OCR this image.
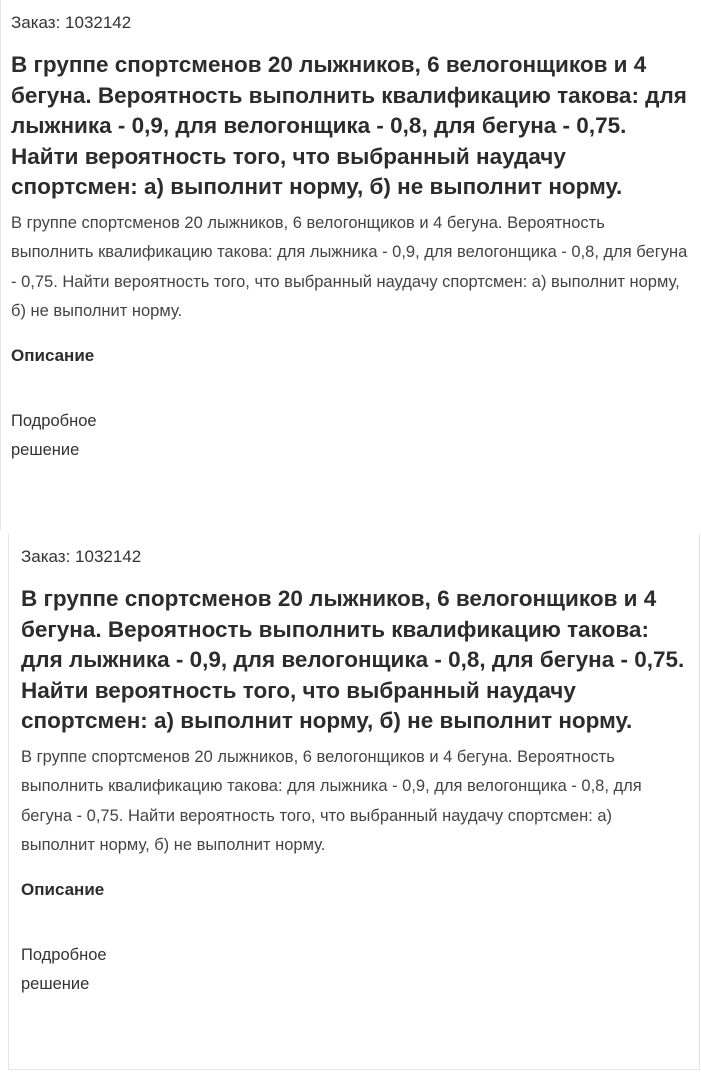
Заказ: 1032142
В группе спортсменов 20 лыжников, 6 велогонщиков и 4 бегуна. Вероятность выполнить квалификацию такова: для лыжника - 0,9, для велогонщика - 0,8, для бегуна - 0,75. Найти вероятность того, что выбранный наудачу спортсмен: а) выполнит норму, б) не выполнит норму.
В группе спортсменов 20 лыжников, 6 велогонщиков и 4 бегуна. Вероятность выполнить квалификацию такова: для лыжника - 0,9, для велогонщика - 0,8, для бегуна - 0,75. Найти вероятность того, что выбранный наудачу спортсмен: а) выполнит норму, б) не выполнит норму.
Описание
Подробное решение
Заказ: 1032142
В группе спортсменов 20 лыжников, 6 велогонщиков и 4 бегуна. Вероятность выполнить квалификацию такова: для лыжника - 0,9, для велогонщика - 0,8, для бегуна - 0,75. Найти вероятность того, что выбранный наудачу спортсмен: а) выполнит норму, б) не выполнит норму.
В группе спортсменов 20 лыжников, 6 велогонщиков и 4 бегуна. Вероятность выполнить квалификацию такова: для лыжника - 0,9, для велогонщика - 0,8, для бегуна - 0,75. Найти вероятность того, что выбранный наудачу спортсмен: а) выполнит норму, б) не выполнит норму.
Описание
Подробное решение
